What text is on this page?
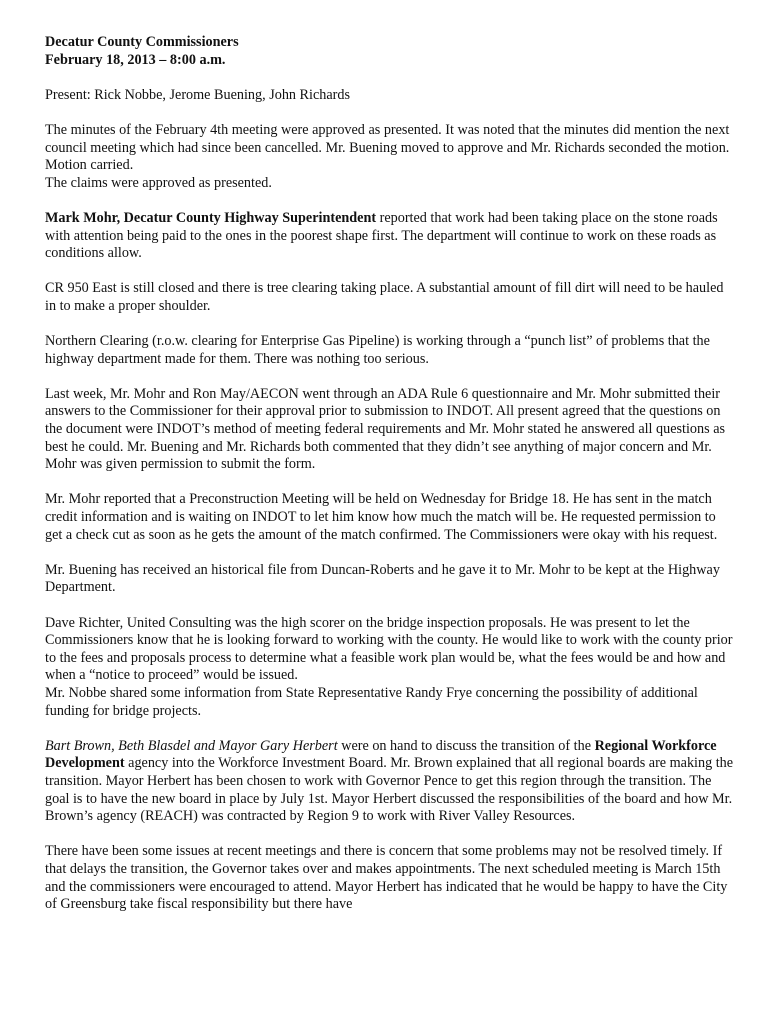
Decatur County Commissioners
February 18, 2013 – 8:00 a.m.

Present: Rick Nobbe, Jerome Buening, John Richards

The minutes of the February 4th meeting were approved as presented. It was noted that the minutes did mention the next council meeting which had since been cancelled. Mr. Buening moved to approve and Mr. Richards seconded the motion. Motion carried.

The claims were approved as presented.

Mark Mohr, Decatur County Highway Superintendent reported that work had been taking place on the stone roads with attention being paid to the ones in the poorest shape first. The department will continue to work on these roads as conditions allow.

CR 950 East is still closed and there is tree clearing taking place. A substantial amount of fill dirt will need to be hauled in to make a proper shoulder.

Northern Clearing (r.o.w. clearing for Enterprise Gas Pipeline) is working through a “punch list” of problems that the highway department made for them. There was nothing too serious.

Last week, Mr. Mohr and Ron May/AECON went through an ADA Rule 6 questionnaire and Mr. Mohr submitted their answers to the Commissioner for their approval prior to submission to INDOT. All present agreed that the questions on the document were INDOT’s method of meeting federal requirements and Mr. Mohr stated he answered all questions as best he could. Mr. Buening and Mr. Richards both commented that they didn’t see anything of major concern and Mr. Mohr was given permission to submit the form.

Mr. Mohr reported that a Preconstruction Meeting will be held on Wednesday for Bridge 18. He has sent in the match credit information and is waiting on INDOT to let him know how much the match will be. He requested permission to get a check cut as soon as he gets the amount of the match confirmed. The Commissioners were okay with his request.

Mr. Buening has received an historical file from Duncan-Roberts and he gave it to Mr. Mohr to be kept at the Highway Department.

Dave Richter, United Consulting was the high scorer on the bridge inspection proposals. He was present to let the Commissioners know that he is looking forward to working with the county. He would like to work with the county prior to the fees and proposals process to determine what a feasible work plan would be, what the fees would be and how and when a “notice to proceed” would be issued.

Mr. Nobbe shared some information from State Representative Randy Frye concerning the possibility of additional funding for bridge projects.

Bart Brown, Beth Blasdel and Mayor Gary Herbert were on hand to discuss the transition of the Regional Workforce Development agency into the Workforce Investment Board. Mr. Brown explained that all regional boards are making the transition. Mayor Herbert has been chosen to work with Governor Pence to get this region through the transition. The goal is to have the new board in place by July 1st. Mayor Herbert discussed the responsibilities of the board and how Mr. Brown’s agency (REACH) was contracted by Region 9 to work with River Valley Resources.

There have been some issues at recent meetings and there is concern that some problems may not be resolved timely. If that delays the transition, the Governor takes over and makes appointments. The next scheduled meeting is March 15th and the commissioners were encouraged to attend. Mayor Herbert has indicated that he would be happy to have the City of Greensburg take fiscal responsibility but there have
